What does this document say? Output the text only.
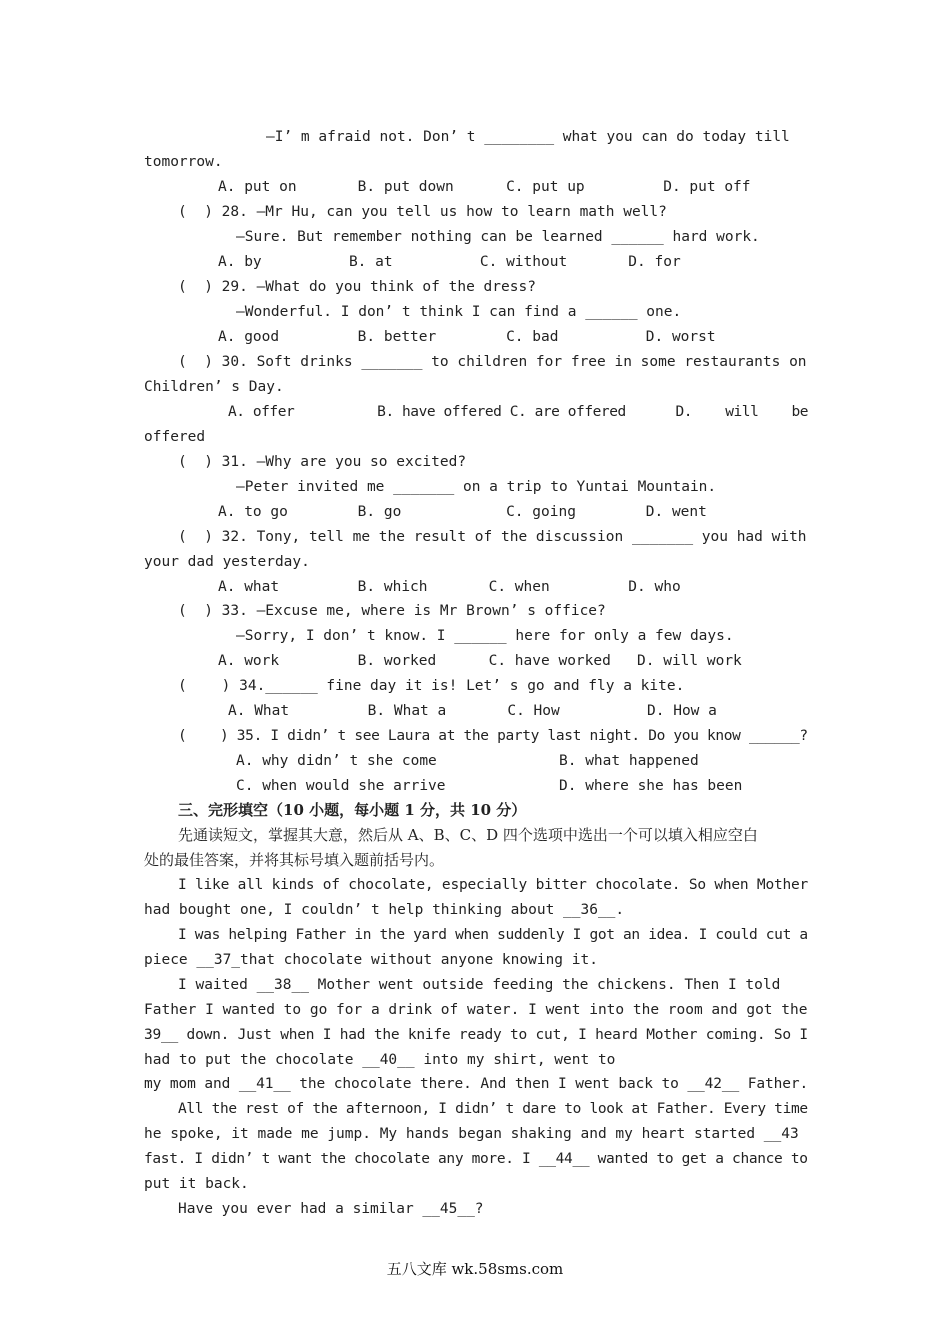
—I’ m afraid not. Don’ t ________ what you can do today till
tomorrow.
A. put on       B. put down      C. put up         D. put off
(  ) 28. —Mr Hu, can you tell us how to learn math well?
—Sure. But remember nothing can be learned ______ hard work.
A. by          B. at          C. without       D. for
(  ) 29. —What do you think of the dress?
—Wonderful. I don’ t think I can find a ______ one.
A. good         B. better        C. bad          D. worst
(  ) 30. Soft drinks _______ to children for free in some restaurants on
Children’ s Day.
A. offer          B. have offered C. are offered      D.    will    be
offered
(  ) 31. —Why are you so excited?
—Peter invited me _______ on a trip to Yuntai Mountain.
A. to go        B. go            C. going        D. went
(  ) 32. Tony, tell me the result of the discussion _______ you had with
your dad yesterday.
A. what         B. which       C. when         D. who
(  ) 33. —Excuse me, where is Mr Brown’ s office?
—Sorry, I don’ t know. I ______ here for only a few days.
A. work         B. worked      C. have worked   D. will work
(    ) 34.______ fine day it is! Let’ s go and fly a kite.
A. What         B. What a       C. How          D. How a
(    ) 35. I didn’ t see Laura at the party last night. Do you know ______?
A. why didn’ t she come              B. what happened
C. when would she arrive             D. where she has been
三、完形填空（10 小题，每小题 1 分，共 10 分）
先通读短文，掌握其大意，然后从 A、B、C、D 四个选项中选出一个可以填入相应空白
处的最佳答案，并将其标号填入题前括号内。
I like all kinds of chocolate, especially bitter chocolate. So when Mother
had bought one, I couldn’ t help thinking about __36__.
I was helping Father in the yard when suddenly I got an idea. I could cut a
piece __37_that chocolate without anyone knowing it.
I waited __38__ Mother went outside feeding the chickens. Then I told
Father I wanted to go for a drink of water. I went into the room and got the
39__ down. Just when I had the knife ready to cut, I heard Mother coming. So I
had to put the chocolate __40__ into my shirt, went to
my mom and __41__ the chocolate there. And then I went back to __42__ Father.
All the rest of the afternoon, I didn’ t dare to look at Father. Every time
he spoke, it made me jump. My hands began shaking and my heart started __43
fast. I didn’ t want the chocolate any more. I __44__ wanted to get a chance to
put it back.
Have you ever had a similar __45__?
五八文库 wk.58sms.com
